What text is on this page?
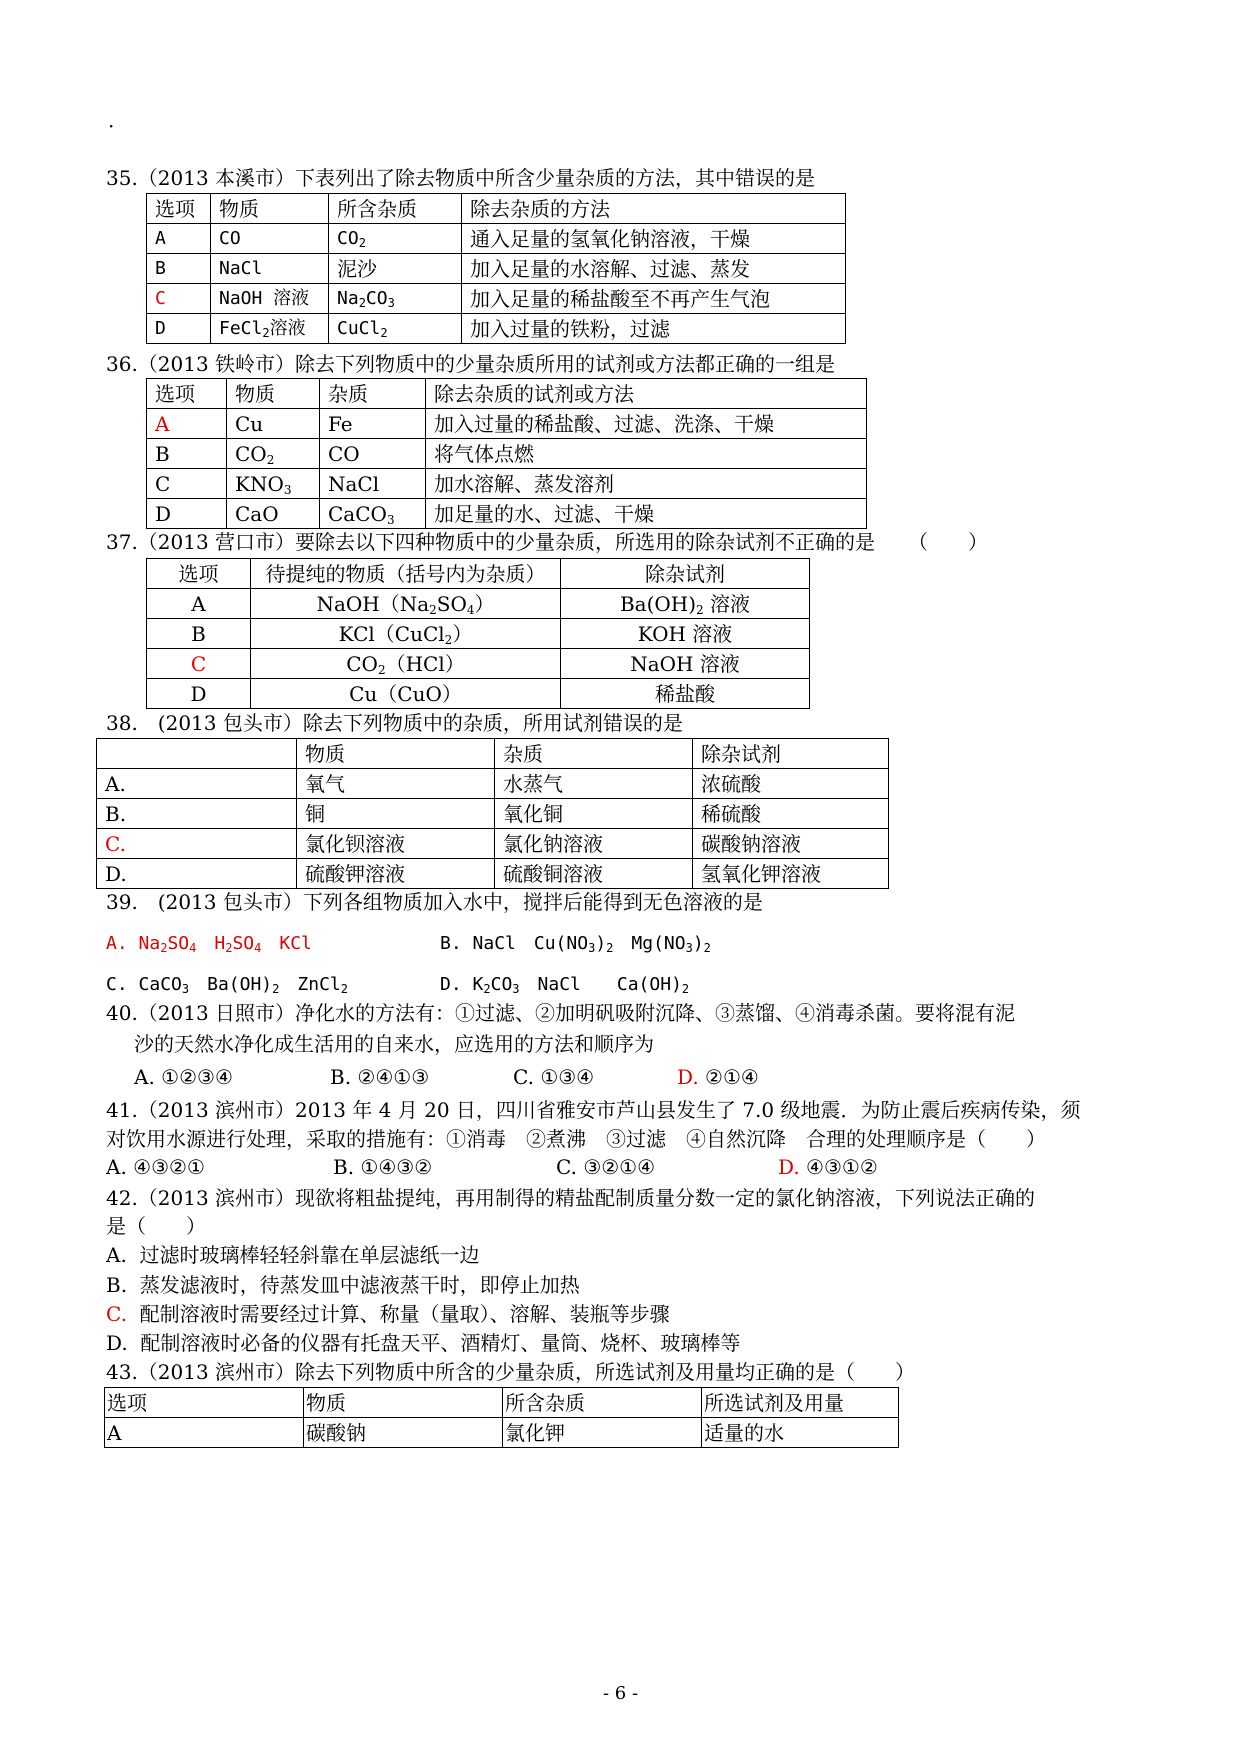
·
35.（2013 本溪市）下表列出了除去物质中所含少量杂质的方法，其中错误的是
选项	物质	所含杂质	除去杂质的方法
A	CO	$CO_2$	通入足量的氢氧化钠溶液，干燥
B	NaCl	泥沙	加入足量的水溶解、过滤、蒸发
C	NaOH 溶液	$Na_2CO_3$	加入足量的稀盐酸至不再产生气泡
D	FeCl$_2$溶液	CuCl$_2$	加入过量的铁粉，过滤
36.（2013 铁岭市）除去下列物质中的少量杂质所用的试剂或方法都正确的一组是
选项	物质	杂质	除去杂质的试剂或方法
A	Cu	Fe	加入过量的稀盐酸、过滤、洗涤、干燥
B	$CO_2$	CO	将气体点燃
C	$KNO_3$	NaCl	加水溶解、蒸发溶剂
D	CaO	CaCO$_3$	加足量的水、过滤、干燥
37.（2013 营口市）要除去以下四种物质中的少量杂质，所选用的除杂试剂不正确的是 （　　）
选项	待提纯的物质（括号内为杂质）	除杂试剂
A	$NaOH(Na_2SO_4)$	$Ba(OH)_2$ 溶液
B	KCl（CuCl$_2$）	KOH 溶液
C	$CO_2(HCl)$	NaOH 溶液
D	Cu（CuO）	稀盐酸
38.　(2013 包头市）除去下列物质中的杂质，所用试剂错误的是
	物质	杂质	除杂试剂
A.	氧气	水蒸气	浓硫酸
B.	铜	氧化铜	稀硫酸
C.	氯化钡溶液	氯化钠溶液	碳酸钠溶液
D.	硫酸钾溶液	硫酸铜溶液	氢氧化钾溶液
39.　(2013 包头市）下列各组物质加入水中，搅拌后能得到无色溶液的是
A. $Na_2SO_4$　$H_2SO_4$　KCl	B. NaCl　$Cu(NO_3)_2$　$Mg(NO_3)_2$
C. CaCO$_3$　$Ba(OH)_2$　ZnCl$_2$	D. $K_2CO_3$　NaCl　　$Ca(OH)_2$
40.（2013 日照市）净化水的方法有：①过滤、②加明矾吸附沉降、③蒸馏、④消毒杀菌。要将混有泥
沙的天然水净化成生活用的自来水，应选用的方法和顺序为
A. ①②③④	B. ②④①③	C. ①③④	D. ②①④
41.（2013 滨州市）2013 年 4 月 20 日，四川省雅安市芦山县发生了 7.0 级地震．为防止震后疾病传染，须
对饮用水源进行处理，采取的措施有：①消毒　②煮沸　③过滤　④自然沉降　合理的处理顺序是（　　）
A. ④③②①	B. ①④③②	C. ③②①④	D. ④③①②
42.（2013 滨州市）现欲将粗盐提纯，再用制得的精盐配制质量分数一定的氯化钠溶液，下列说法正确的
是（　　）
A. 过滤时玻璃棒轻轻斜靠在单层滤纸一边
B. 蒸发滤液时，待蒸发皿中滤液蒸干时，即停止加热
C. 配制溶液时需要经过计算、称量（量取）、溶解、装瓶等步骤
D. 配制溶液时必备的仪器有托盘天平、酒精灯、量筒、烧杯、玻璃棒等
43.（2013 滨州市）除去下列物质中所含的少量杂质，所选试剂及用量均正确的是（　　）
选项	物质	所含杂质	所选试剂及用量
A	碳酸钠	氯化钾	适量的水
- 6 -
